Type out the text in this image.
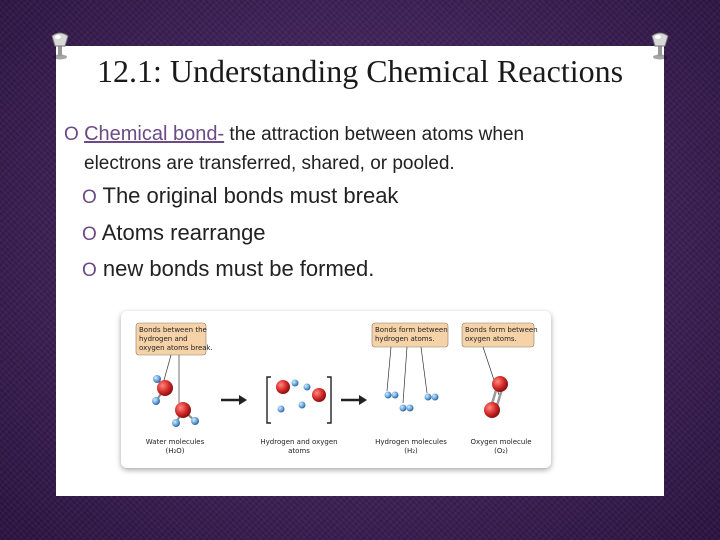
12.1: Understanding Chemical Reactions
O Chemical bond- the attraction between atoms when
electrons are transferred, shared, or pooled.
O The original bonds must break
O Atoms rearrange
O new bonds must be formed.
Bonds between the
hydrogen and
oxygen atoms break.
Bonds form between
hydrogen atoms.
Bonds form between
oxygen atoms.
Water molecules
(H₂O)
Hydrogen and oxygen
atoms
Hydrogen molecules
(H₂)
Oxygen molecule
(O₂)
